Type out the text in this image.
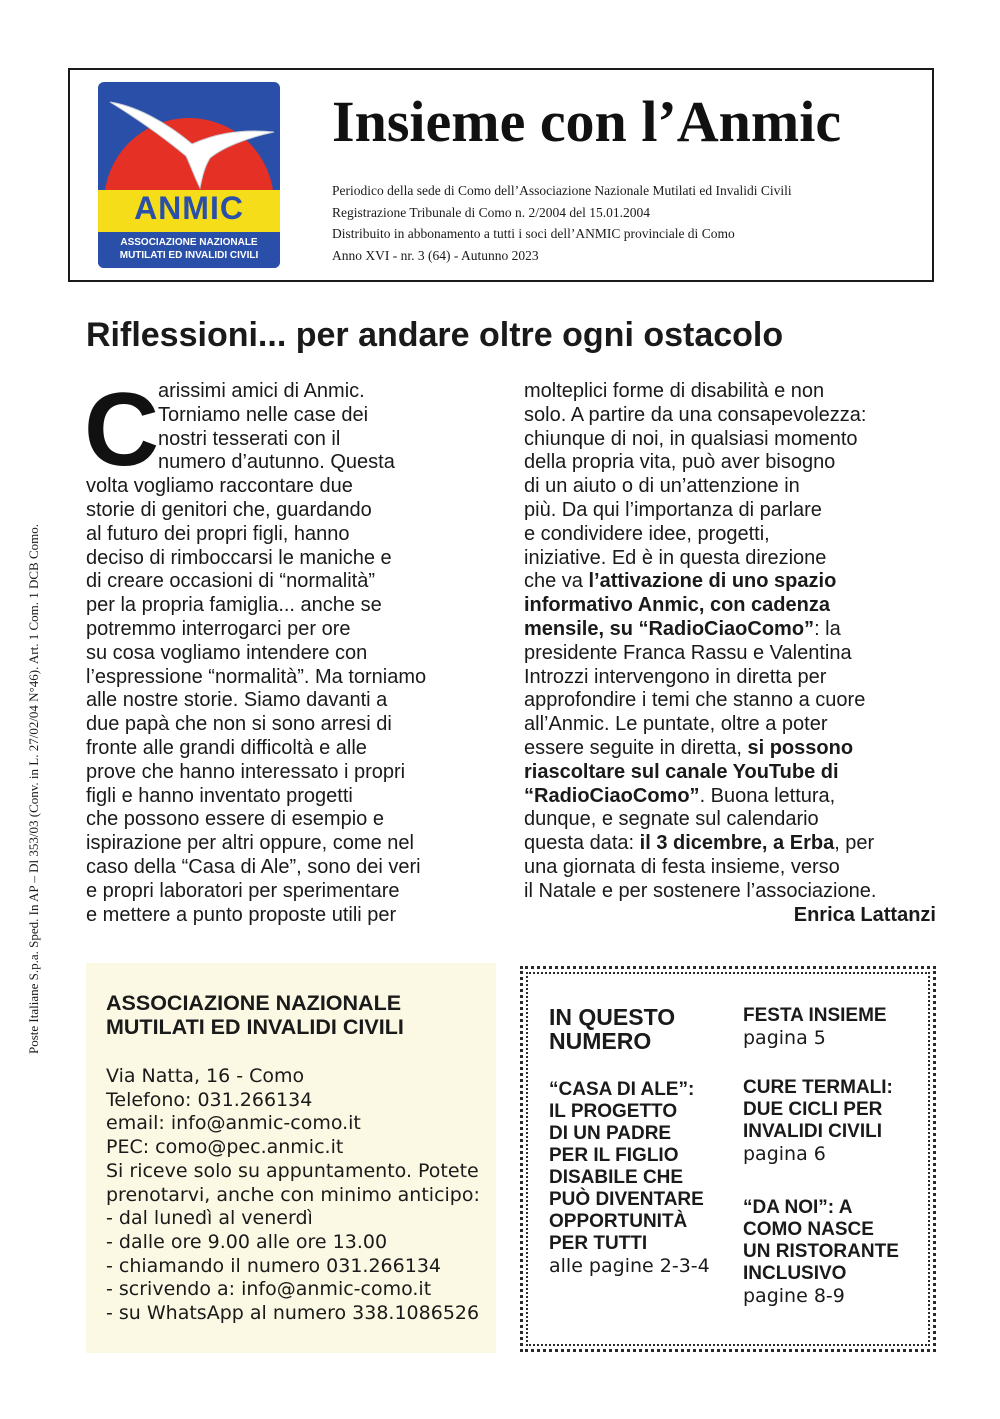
ANMIC
ASSOCIAZIONE NAZIONALE
MUTILATI ED INVALIDI CIVILI
Insieme con l’Anmic
Periodico della sede di Como dell’Associazione Nazionale Mutilati ed Invalidi Civili
Registrazione Tribunale di Como n. 2/2004 del 15.01.2004
Distribuito in abbonamento a tutti i soci dell’ANMIC provinciale di Como
Anno XVI - nr. 3 (64) - Autunno 2023
Poste Italiane S.p.a. Sped. In AP – Dl 353/03 (Conv. in L. 27/02/04 N°46). Art. 1 Com. 1 DCB Como.
Riflessioni... per andare oltre ogni ostacolo
C
arissimi amici di Anmic.
Torniamo nelle case dei
nostri tesserati con il
numero d’autunno. Questa
volta vogliamo raccontare due
storie di genitori che, guardando
al futuro dei propri figli, hanno
deciso di rimboccarsi le maniche e
di creare occasioni di “normalità”
per la propria famiglia... anche se
potremmo interrogarci per ore
su cosa vogliamo intendere con
l’espressione “normalità”. Ma torniamo
alle nostre storie. Siamo davanti a
due papà che non si sono arresi di
fronte alle grandi difficoltà e alle
prove che hanno interessato i propri
figli e hanno inventato progetti
che possono essere di esempio e
ispirazione per altri oppure, come nel
caso della “Casa di Ale”, sono dei veri
e propri laboratori per sperimentare
e mettere a punto proposte utili per
molteplici forme di disabilità e non
solo. A partire da una consapevolezza:
chiunque di noi, in qualsiasi momento
della propria vita, può aver bisogno
di un aiuto o di un’attenzione in
più. Da qui l’importanza di parlare
e condividere idee, progetti,
iniziative. Ed è in questa direzione
che va l’attivazione di uno spazio
informativo Anmic, con cadenza
mensile, su “RadioCiaoComo”: la
presidente Franca Rassu e Valentina
Introzzi intervengono in diretta per
approfondire i temi che stanno a cuore
all’Anmic. Le puntate, oltre a poter
essere seguite in diretta, si possono
riascoltare sul canale YouTube di
“RadioCiaoComo”. Buona lettura,
dunque, e segnate sul calendario
questa data: il 3 dicembre, a Erba, per
una giornata di festa insieme, verso
il Natale e per sostenere l’associazione.
Enrica Lattanzi
ASSOCIAZIONE NAZIONALE
MUTILATI ED INVALIDI CIVILI
Via Natta, 16 - Como
Telefono: 031.266134
email: info@anmic-como.it
PEC: como@pec.anmic.it
Si riceve solo su appuntamento. Potete
prenotarvi, anche con minimo anticipo:
- dal lunedì al venerdì
- dalle ore 9.00 alle ore 13.00
- chiamando il numero 031.266134
- scrivendo a: info@anmic-como.it
- su WhatsApp al numero 338.1086526
IN QUESTO
NUMERO
“CASA DI ALE”:
IL PROGETTO
DI UN PADRE
PER IL FIGLIO
DISABILE CHE
PUÒ DIVENTARE
OPPORTUNITÀ
PER TUTTI
alle pagine 2-3-4
FESTA INSIEME
pagina 5
CURE TERMALI:
DUE CICLI PER
INVALIDI CIVILI
pagina 6
“DA NOI”: A
COMO NASCE
UN RISTORANTE
INCLUSIVO
pagine 8-9
